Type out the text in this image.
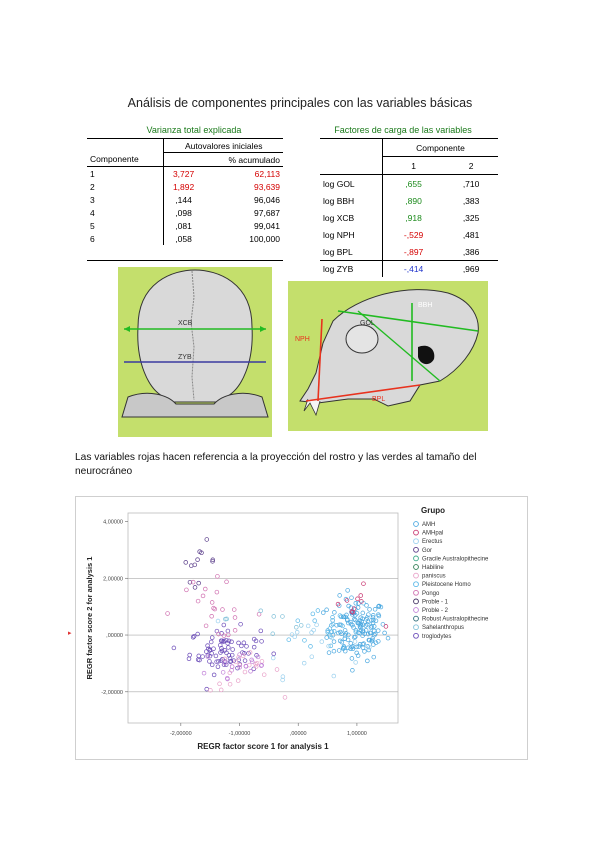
Análisis de componentes principales con las variables básicas
Varianza total explicada	Factores de carga de las variables
	Autovalores iniciales	
Componente		% acumulado
1	3,727	62,113
2	1,892	93,639
3	,144	96,046
4	,098	97,687
5	,081	99,041
6	,058	100,000
	Componente	
	1	2
log GOL	,655	,710
log BBH	,890	,383
log XCB	,918	,325
log NPH	-,529	,481
log BPL	-,897	,386
log ZYB	-,414	,969
XCB
ZYB
BBH
GOL
NPH
BPL
Las variables rojas hacen referencia a la proyección del rostro y las verdes al tamaño del neurocráneo
-2,00000	-1,00000	,00000	1,00000
4,00000
2,00000
,00000
-2,00000
REGR factor score 1 for analysis 1
REGR factor score 2 for analysis 1
Grupo
AMH
AMHpal
Erectus
Gor
Gracile Australopithecine
Habiline
paniscus
Pleistocene Homo
Pongo
Proble - 1
Proble - 2
Robust Australopithecine
Sahelanthropus
troglodytes
▸
